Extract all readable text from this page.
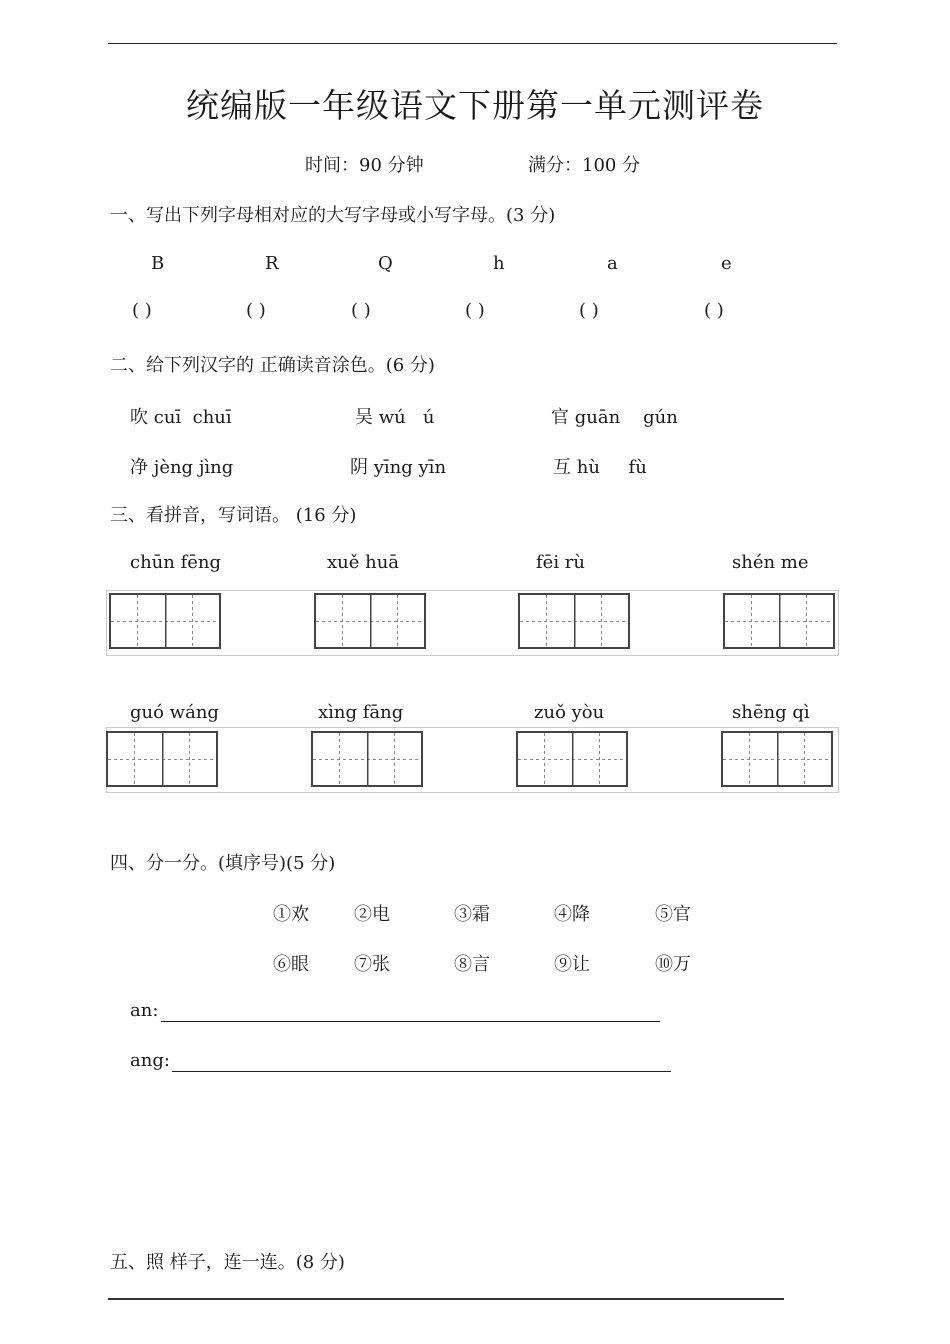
统编版一年级语文下册第一单元测评卷
时间：90 分钟	满分：100 分
一、写出下列字母相对应的大写字母或小写字母。(3 分)
B	R	Q	h	a	e
( )	( )	( )	( )	( )	( )
二、给下列汉字的 正确读音涂色。(6 分)
吹 cuī chuī	吴 wú ú	官 guān gún
净 jèng jìng	阴 yīng yīn	互 hù fù
三、看拼音，写词语。 (16 分)
chūn fēng	xuě huā	fēi rù	shén me
guó wáng	xìng fāng	zuǒ yòu	shēng qì
四、分一分。(填序号)(5 分)
①欢	②电	③霜	④降	⑤官
⑥眼	⑦张	⑧言	⑨让	⑩万
an:
ang:
五、照 样子，连一连。(8 分)
